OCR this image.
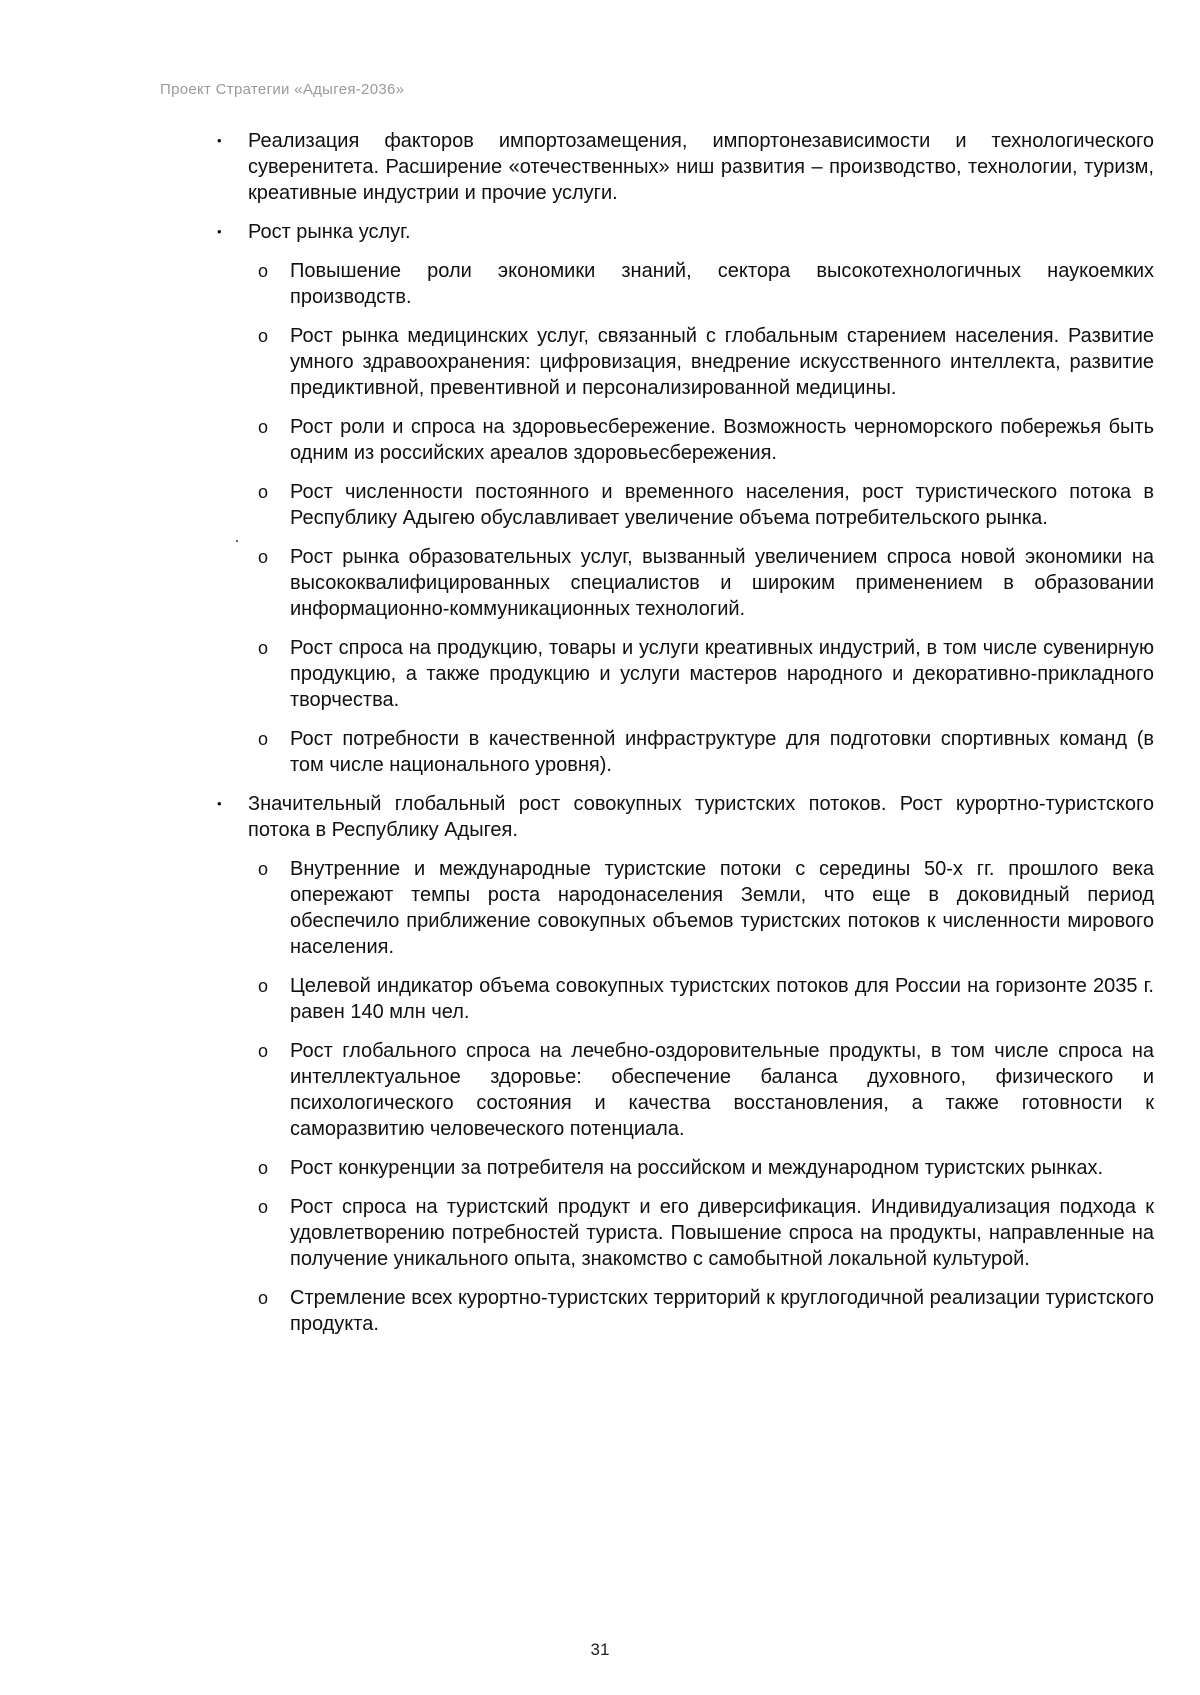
Проект Стратегии «Адыгея-2036»
• Реализация факторов импортозамещения, импортонезависимости и технологического суверенитета. Расширение «отечественных» ниш развития – производство, технологии, туризм, креативные индустрии и прочие услуги.
• Рост рынка услуг.
o Повышение роли экономики знаний, сектора высокотехнологичных наукоемких производств.
o Рост рынка медицинских услуг, связанный с глобальным старением населения. Развитие умного здравоохранения: цифровизация, внедрение искусственного интеллекта, развитие предиктивной, превентивной и персонализированной медицины.
o Рост роли и спроса на здоровьесбережение. Возможность черноморского побережья быть одним из российских ареалов здоровьесбережения.
o Рост численности постоянного и временного населения, рост туристического потока в Республику Адыгею обуславливает увеличение объема потребительского рынка.
o Рост рынка образовательных услуг, вызванный увеличением спроса новой экономики на высококвалифицированных специалистов и широким применением в образовании информационно-коммуникационных технологий.
o Рост спроса на продукцию, товары и услуги креативных индустрий, в том числе сувенирную продукцию, а также продукцию и услуги мастеров народного и декоративно-прикладного творчества.
o Рост потребности в качественной инфраструктуре для подготовки спортивных команд (в том числе национального уровня).
• Значительный глобальный рост совокупных туристских потоков. Рост курортно-туристского потока в Республику Адыгея.
o Внутренние и международные туристские потоки с середины 50-х гг. прошлого века опережают темпы роста народонаселения Земли, что еще в доковидный период обеспечило приближение совокупных объемов туристских потоков к численности мирового населения.
o Целевой индикатор объема совокупных туристских потоков для России на горизонте 2035 г. равен 140 млн чел.
o Рост глобального спроса на лечебно-оздоровительные продукты, в том числе спроса на интеллектуальное здоровье: обеспечение баланса духовного, физического и психологического состояния и качества восстановления, а также готовности к саморазвитию человеческого потенциала.
o Рост конкуренции за потребителя на российском и международном туристских рынках.
o Рост спроса на туристский продукт и его диверсификация. Индивидуализация подхода к удовлетворению потребностей туриста. Повышение спроса на продукты, направленные на получение уникального опыта, знакомство с самобытной локальной культурой.
o Стремление всех курортно-туристских территорий к круглогодичной реализации туристского продукта.
31
